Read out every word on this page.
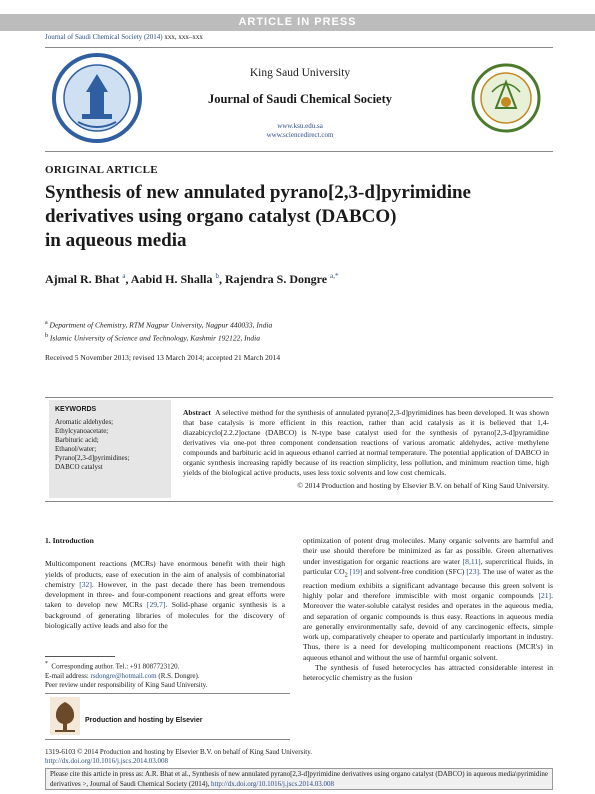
ARTICLE IN PRESS
Journal of Saudi Chemical Society (2014) xxx, xxx–xxx
King Saud University
Journal of Saudi Chemical Society
www.ksu.edu.sa
www.sciencedirect.com
ORIGINAL ARTICLE
Synthesis of new annulated pyrano[2,3-d]pyrimidine
derivatives using organo catalyst (DABCO)
in aqueous media
Ajmal R. Bhat $^a$, Aabid H. Shalla $^b$, Rajendra S. Dongre $^{a,*}$
$^a$ Department of Chemistry, RTM Nagpur University, Nagpur 440033, India
$^b$ Islamic University of Science and Technology, Kashmir 192122, India
Received 5 November 2013; revised 13 March 2014; accepted 21 March 2014
KEYWORDS
Aromatic aldehydes;
Ethylcyanoacetate;
Barbituric acid;
Ethanol/water;
Pyrano[2,3-d]pyrimidines;
DABCO catalyst
Abstract A selective method for the synthesis of annulated pyrano[2,3-d]pyrimidines has been developed. It was shown that base catalysis is more efficient in this reaction, rather than acid catalysis as it is believed that 1,4-diazabicyclo[2.2.2]octane (DABCO) is N-type base catalyst used for the synthesis of pyrano[2,3-d]pyramidine derivatives via one-pot three component condensation reactions of various aromatic aldehydes, active methylene compounds and barbituric acid in aqueous ethanol carried at normal temperature. The potential application of DABCO in organic synthesis increasing rapidly because of its reaction simplicity, less pollution, and minimum reaction time, high yields of the biological active products, uses less toxic solvents and low cost chemicals.
© 2014 Production and hosting by Elsevier B.V. on behalf of King Saud University.
1. Introduction

Multicomponent reactions (MCRs) have enormous benefit with their high yields of products, ease of execution in the aim of analysis of combinatorial chemistry [32]. However, in the past decade there has been tremendous development in three- and four-component reactions and great efforts were taken to develop new MCRs [29,7]. Solid-phase organic synthesis is a background of generating libraries of molecules for the discovery of biologically active leads and also for the

optimization of potent drug molecules. Many organic solvents are harmful and their use should therefore be minimized as far as possible. Green alternatives under investigation for organic reactions are water [8,11], supercritical fluids, in particular $CO_2$ [19] and solvent-free condition (SFC) [23]. The use of water as the reaction medium exhibits a significant advantage because this green solvent is highly polar and therefore immiscible with most organic compounds [21]. Moreover the water-soluble catalyst resides and operates in the aqueous media, and separation of organic compounds is thus easy. Reactions in aqueous media are generally environmentally safe, devoid of any carcinogenic effects, simple work up, comparatively cheaper to operate and particularly important in industry. Thus, there is a need for developing multicomponent reactions (MCR's) in aqueous ethanol and without the use of harmful organic solvent.

The synthesis of fused heterocycles has attracted considerable interest in heterocyclic chemistry as the fusion

* Corresponding author. Tel.: +91 8087723120.
E-mail address: rsdongre@hotmail.com (R.S. Dongre).
Peer review under responsibility of King Saud University.
Production and hosting by Elsevier
1319-6103 © 2014 Production and hosting by Elsevier B.V. on behalf of King Saud University.
http://dx.doi.org/10.1016/j.jscs.2014.03.008
Please cite this article in press as: A.R. Bhat et al., Synthesis of new annulated pyrano[2,3-d]pyrimidine derivatives using organo catalyst (DABCO) in aqueous media\pyrimidine derivatives >, Journal of Saudi Chemical Society (2014), http://dx.doi.org/10.1016/j.jscs.2014.03.008
